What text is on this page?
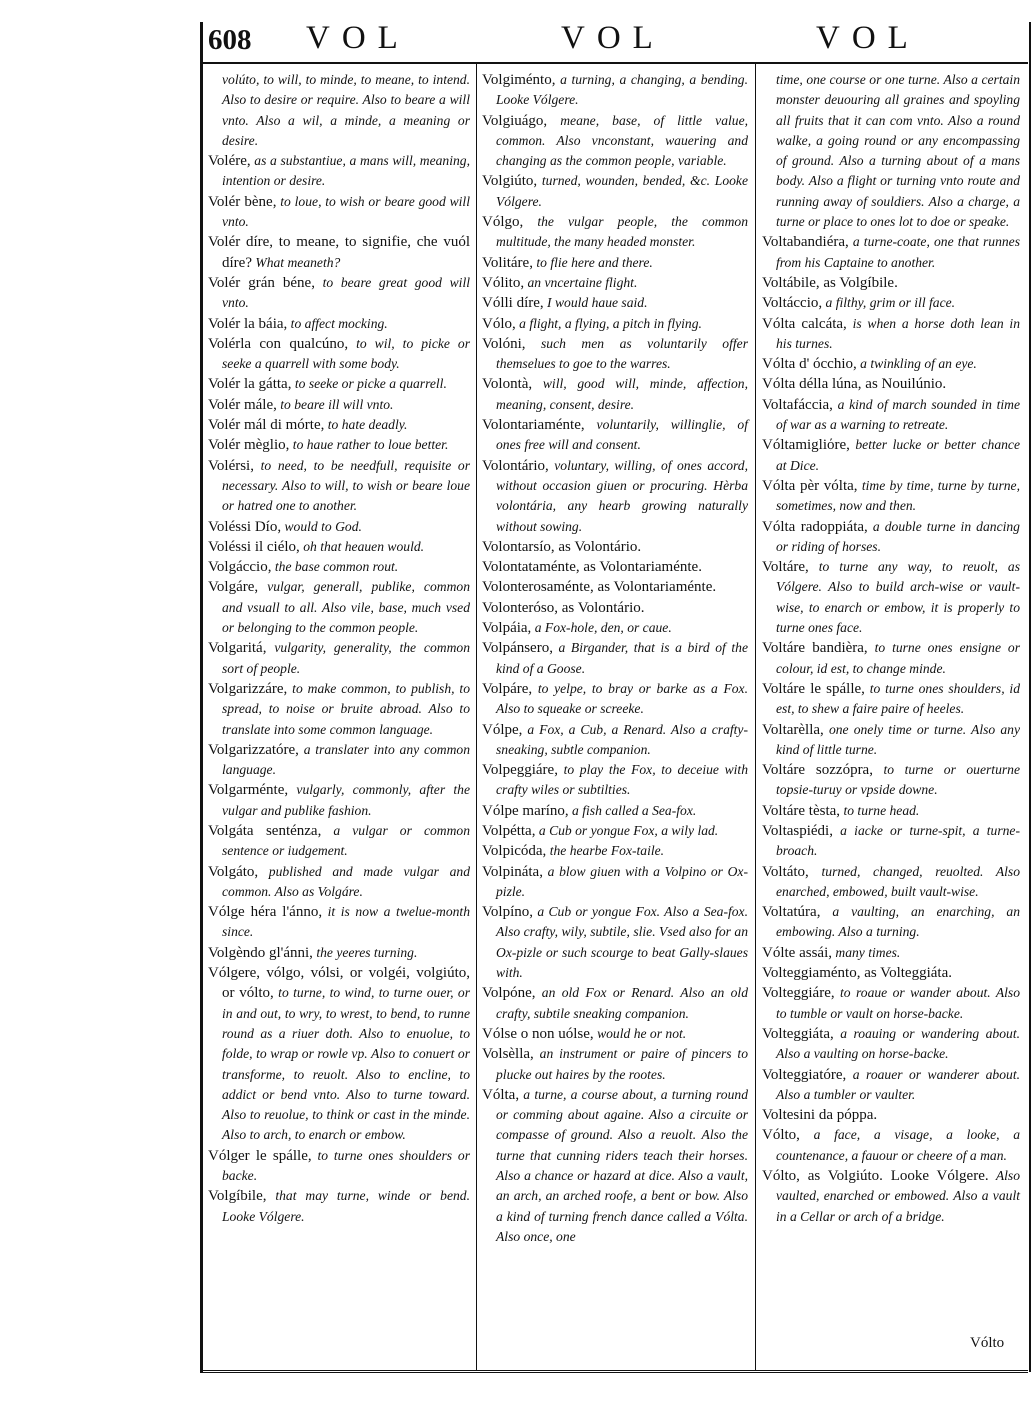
608 VOL	VOL	VOL

volúto, to will, to minde, to meane, to intend. Also to desire or require. Also to beare a will vnto. Also a wil, a minde, a meaning or desire.

Volére, as a substantiue, a mans will, meaning, intention or desire.

Volér bène, to loue, to wish or beare good will vnto.

Volér díre, to meane, to signifie, che vuól díre? What meaneth?

Volér grán béne, to beare great good will vnto.

Volér la báia, to affect mocking.

Volérla con qualcúno, to wil, to picke or seeke a quarrell with some body.

Volér la gátta, to seeke or picke a quarrell.

Volér mále, to beare ill will vnto.

Volér mál di mórte, to hate deadly.

Volér mèglio, to haue rather to loue better.

Volérsi, to need, to be needfull, requisite or necessary. Also to will, to wish or beare loue or hatred one to another.

Voléssi Dío, would to God.

Voléssi il ciélo, oh that heauen would.

Volgáccio, the base common rout.

Volgáre, vulgar, generall, publike, common and vsuall to all. Also vile, base, much vsed or belonging to the common people.

Volgaritá, vulgarity, generality, the common sort of people.

Volgarizzáre, to make common, to publish, to spread, to noise or bruite abroad. Also to translate into some common language.

Volgarizzatóre, a translater into any common language.

Volgarménte, vulgarly, commonly, after the vulgar and publike fashion.

Volgáta senténza, a vulgar or common sentence or iudgement.

Volgáto, published and made vulgar and common. Also as Volgáre.

Vólge héra l'ánno, it is now a twelue-month since.

Volgèndo gl'ánni, the yeeres turning.

Vólgere, vólgo, vólsi, or volgéi, volgiúto, or vólto, to turne, to wind, to turne ouer, or in and out, to wry, to wrest, to bend, to runne round as a riuer doth. Also to enuolue, to folde, to wrap or rowle vp. Also to conuert or transforme, to reuolt. Also to encline, to addict or bend vnto. Also to turne toward. Also to reuolue, to think or cast in the minde. Also to arch, to enarch or embow.

Vólger le spálle, to turne ones shoulders or backe.

Volgíbile, that may turne, winde or bend. Looke Vólgere.

Volgiménto, a turning, a changing, a bending. Looke Vólgere.

Volgiuágo, meane, base, of little value, common. Also vnconstant, wauering and changing as the common people, variable.

Volgiúto, turned, wounden, bended, &c. Looke Vólgere.

Vólgo, the vulgar people, the common multitude, the many headed monster.

Volitáre, to flie here and there.

Vólito, an vncertaine flight.

Vólli díre, I would haue said.

Vólo, a flight, a flying, a pitch in flying.

Volóni, such men as voluntarily offer themselues to goe to the warres.

Volontà, will, good will, minde, affection, meaning, consent, desire.

Volontariaménte, voluntarily, willinglie, of ones free will and consent.

Volontário, voluntary, willing, of ones accord, without occasion giuen or procuring. Hèrba volontária, any hearb growing naturally without sowing.

Volontarsío, as Volontário.

Volontataménte, as Volontariaménte.

Volonterosaménte, as Volontariaménte.

Volonteróso, as Volontário.

Volpáia, a Fox-hole, den, or caue.

Volpánsero, a Birgander, that is a bird of the kind of a Goose.

Volpáre, to yelpe, to bray or barke as a Fox. Also to squeake or screeke.

Vólpe, a Fox, a Cub, a Renard. Also a crafty-sneaking, subtle companion.

Volpeggiáre, to play the Fox, to deceiue with crafty wiles or subtilties.

Vólpe maríno, a fish called a Sea-fox.

Volpétta, a Cub or yongue Fox, a wily lad.

Volpicóda, the hearbe Fox-taile.

Volpináta, a blow giuen with a Volpino or Ox-pizle.

Volpíno, a Cub or yongue Fox. Also a Sea-fox. Also crafty, wily, subtile, slie. Vsed also for an Ox-pizle or such scourge to beat Gally-slaues with.

Volpóne, an old Fox or Renard. Also an old crafty, subtile sneaking companion.

Vólse o non uólse, would he or not.

Volsèlla, an instrument or paire of pincers to plucke out haires by the rootes.

Vólta, a turne, a course about, a turning round or comming about againe. Also a circuite or compasse of ground. Also a reuolt. Also the turne that cunning riders teach their horses. Also a chance or hazard at dice. Also a vault, an arch, an arched roofe, a bent or bow. Also a kind of turning french dance called a Vólta. Also once, one

time, one course or one turne. Also a certain monster deuouring all graines and spoyling all fruits that it can com vnto. Also a round walke, a going round or any encompassing of ground. Also a turning about of a mans body. Also a flight or turning vnto route and running away of souldiers. Also a charge, a turne or place to ones lot to doe or speake.

Voltabandiéra, a turne-coate, one that runnes from his Captaine to another.

Voltábile, as Volgíbile.

Voltáccio, a filthy, grim or ill face.

Vólta calcáta, is when a horse doth lean in his turnes.

Vólta d' ócchio, a twinkling of an eye.

Vólta délla lúna, as Nouilúnio.

Voltafáccia, a kind of march sounded in time of war as a warning to retreate.

Vóltamigliόre, better lucke or better chance at Dice.

Vólta pèr vólta, time by time, turne by turne, sometimes, now and then.

Vólta radoppiáta, a double turne in dancing or riding of horses.

Voltáre, to turne any way, to reuolt, as Vólgere. Also to build arch-wise or vault-wise, to enarch or embow, it is properly to turne ones face.

Voltáre bandièra, to turne ones ensigne or colour, id est, to change minde.

Voltáre le spálle, to turne ones shoulders, id est, to shew a faire paire of heeles.

Voltarèlla, one onely time or turne. Also any kind of little turne.

Voltáre sozzópra, to turne or ouerturne topsie-turuy or vpside downe.

Voltáre tèsta, to turne head.

Voltaspiédi, a iacke or turne-spit, a turne-broach.

Voltáto, turned, changed, reuolted. Also enarched, embowed, built vault-wise.

Voltatúra, a vaulting, an enarching, an embowing. Also a turning.

Vólte assái, many times.

Volteggiaménto, as Volteggiáta.

Volteggiáre, to roaue or wander about. Also to tumble or vault on horse-backe.

Volteggiáta, a roauing or wandering about. Also a vaulting on horse-backe.

Volteggiatóre, a roauer or wanderer about. Also a tumbler or vaulter.

Voltesini da póppa.

Vólto, a face, a visage, a looke, a countenance, a fauour or cheere of a man.

Vólto, as Volgiúto. Looke Vólgere. Also vaulted, enarched or embowed. Also a vault in a Cellar or arch of a bridge.

Vólto
